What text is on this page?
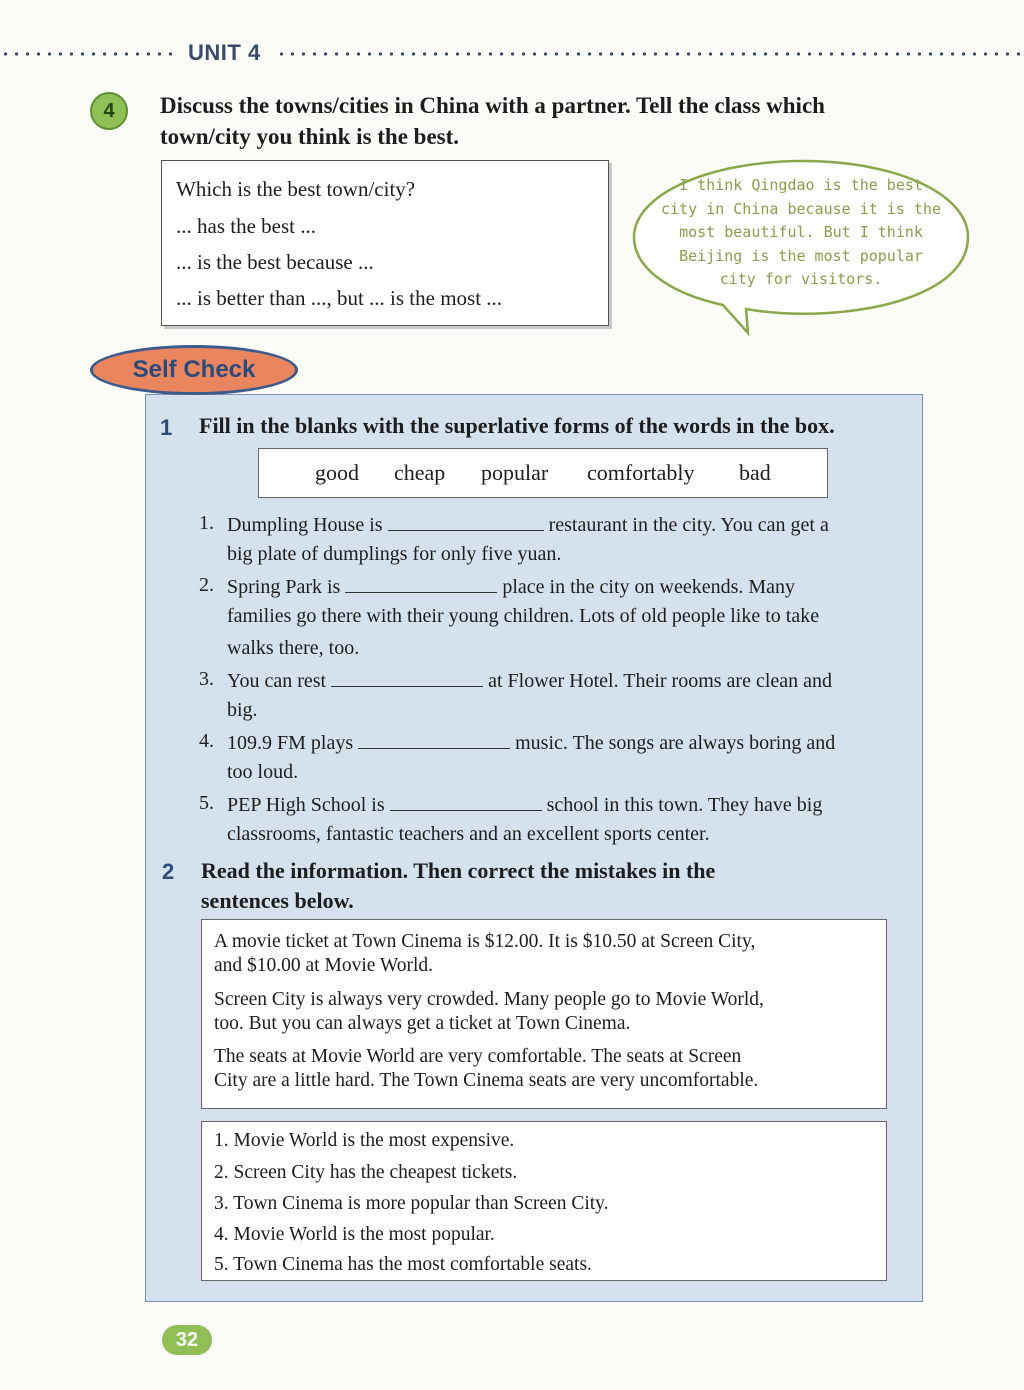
UNIT 4
4	Discuss the towns/cities in China with a partner. Tell the class which
town/city you think is the best.
Which is the best town/city?
... has the best ...
... is the best because ...
... is better than ..., but ... is the most ...
I think Qingdao is the best
city in China because it is the
most beautiful. But I think
Beijing is the most popular
city for visitors.
Self Check
1 Fill in the blanks with the superlative forms of the words in the box.
good cheap popular comfortably bad
1. Dumpling House is	restaurant in the city. You can get a
big plate of dumplings for only five yuan.
2. Spring Park is	place in the city on weekends. Many
families go there with their young children. Lots of old people like to take
walks there, too.
3. You can rest	at Flower Hotel. Their rooms are clean and
big.
4. 109.9 FM plays	music. The songs are always boring and
too loud.
5. PEP High School is	school in this town. They have big
classrooms, fantastic teachers and an excellent sports center.
2 Read the information. Then correct the mistakes in the
sentences below.
A movie ticket at Town Cinema is $12.00. It is $10.50 at Screen City,
and $10.00 at Movie World.
Screen City is always very crowded. Many people go to Movie World,
too. But you can always get a ticket at Town Cinema.
The seats at Movie World are very comfortable. The seats at Screen
City are a little hard. The Town Cinema seats are very uncomfortable.
1. Movie World is the most expensive.
2. Screen City has the cheapest tickets.
3. Town Cinema is more popular than Screen City.
4. Movie World is the most popular.
5. Town Cinema has the most comfortable seats.
32
